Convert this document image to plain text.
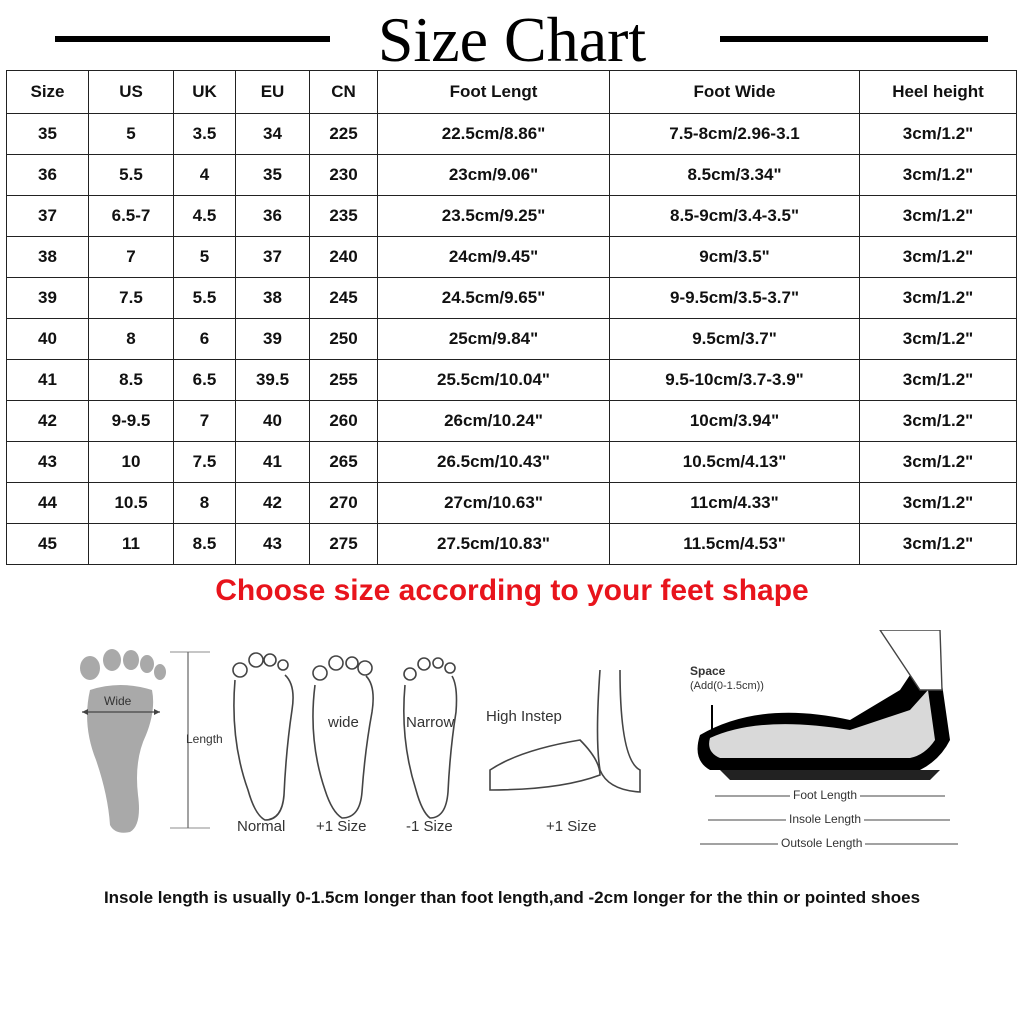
Size Chart
Size	US	UK	EU	CN	Foot Lengt	Foot Wide	Heel height
35	5	3.5	34	225	22.5cm/8.86"	7.5-8cm/2.96-3.1	3cm/1.2"
36	5.5	4	35	230	23cm/9.06"	8.5cm/3.34"	3cm/1.2"
37	6.5-7	4.5	36	235	23.5cm/9.25"	8.5-9cm/3.4-3.5"	3cm/1.2"
38	7	5	37	240	24cm/9.45"	9cm/3.5"	3cm/1.2"
39	7.5	5.5	38	245	24.5cm/9.65"	9-9.5cm/3.5-3.7"	3cm/1.2"
40	8	6	39	250	25cm/9.84"	9.5cm/3.7"	3cm/1.2"
41	8.5	6.5	39.5	255	25.5cm/10.04"	9.5-10cm/3.7-3.9"	3cm/1.2"
42	9-9.5	7	40	260	26cm/10.24"	10cm/3.94"	3cm/1.2"
43	10	7.5	41	265	26.5cm/10.43"	10.5cm/4.13"	3cm/1.2"
44	10.5	8	42	270	27cm/10.63"	11cm/4.33"	3cm/1.2"
45	11	8.5	43	275	27.5cm/10.83"	11.5cm/4.53"	3cm/1.2"
Choose size according to your feet shape
Wide
Length
Normal
wide
+1 Size
Narrow
-1 Size
High Instep
+1 Size
Space
(Add(0-1.5cm))
Foot Length
Insole Length
Outsole Length
Insole length is usually 0-1.5cm longer than foot length,and -2cm longer for the thin or pointed shoes
